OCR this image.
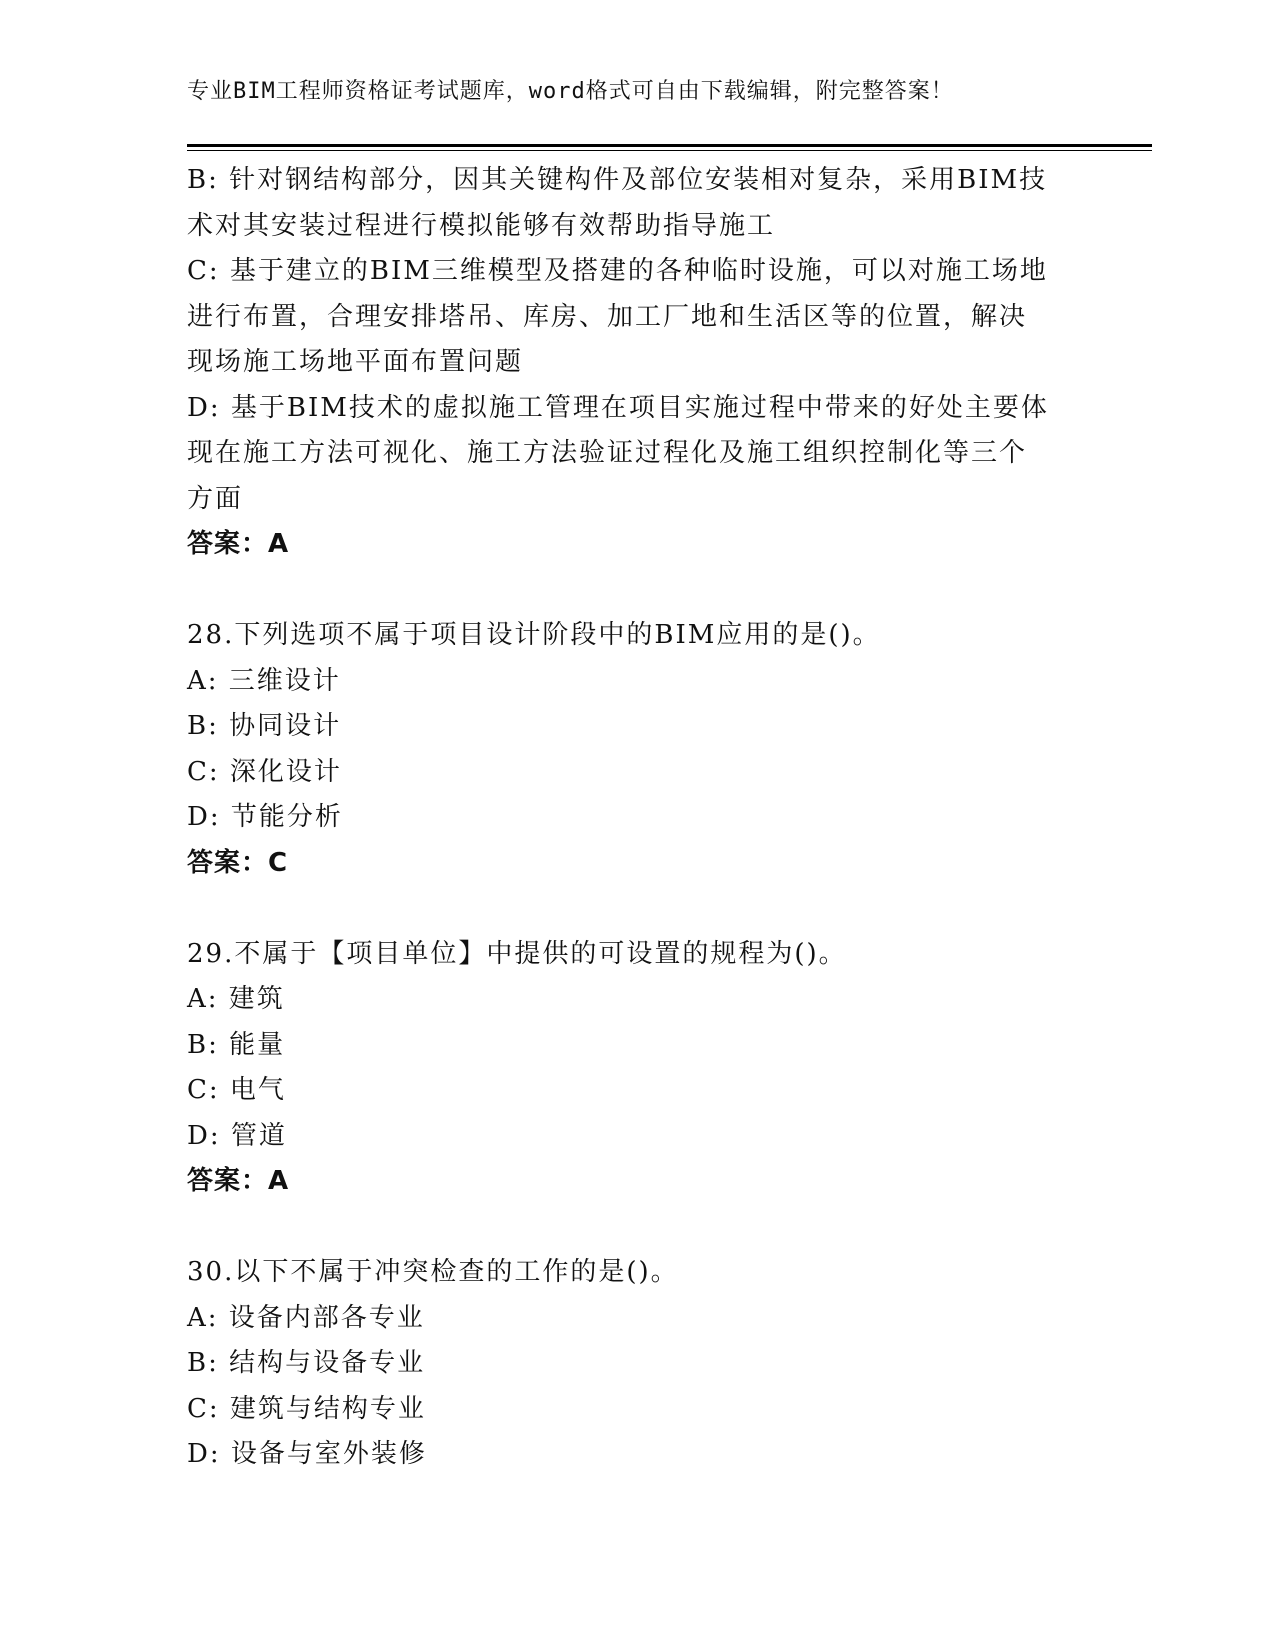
专业BIM工程师资格证考试题库，word格式可自由下载编辑，附完整答案！
B: 针对钢结构部分，因其关键构件及部位安装相对复杂，采用BIM技
术对其安装过程进行模拟能够有效帮助指导施工
C: 基于建立的BIM三维模型及搭建的各种临时设施，可以对施工场地
进行布置，合理安排塔吊、库房、加工厂地和生活区等的位置，解决
现场施工场地平面布置问题
D: 基于BIM技术的虚拟施工管理在项目实施过程中带来的好处主要体
现在施工方法可视化、施工方法验证过程化及施工组织控制化等三个
方面
答案：A
28.下列选项不属于项目设计阶段中的BIM应用的是()。
A: 三维设计
B: 协同设计
C: 深化设计
D: 节能分析
答案：C
29.不属于【项目单位】中提供的可设置的规程为()。
A: 建筑
B: 能量
C: 电气
D: 管道
答案：A
30.以下不属于冲突检查的工作的是()。
A: 设备内部各专业
B: 结构与设备专业
C: 建筑与结构专业
D: 设备与室外装修
